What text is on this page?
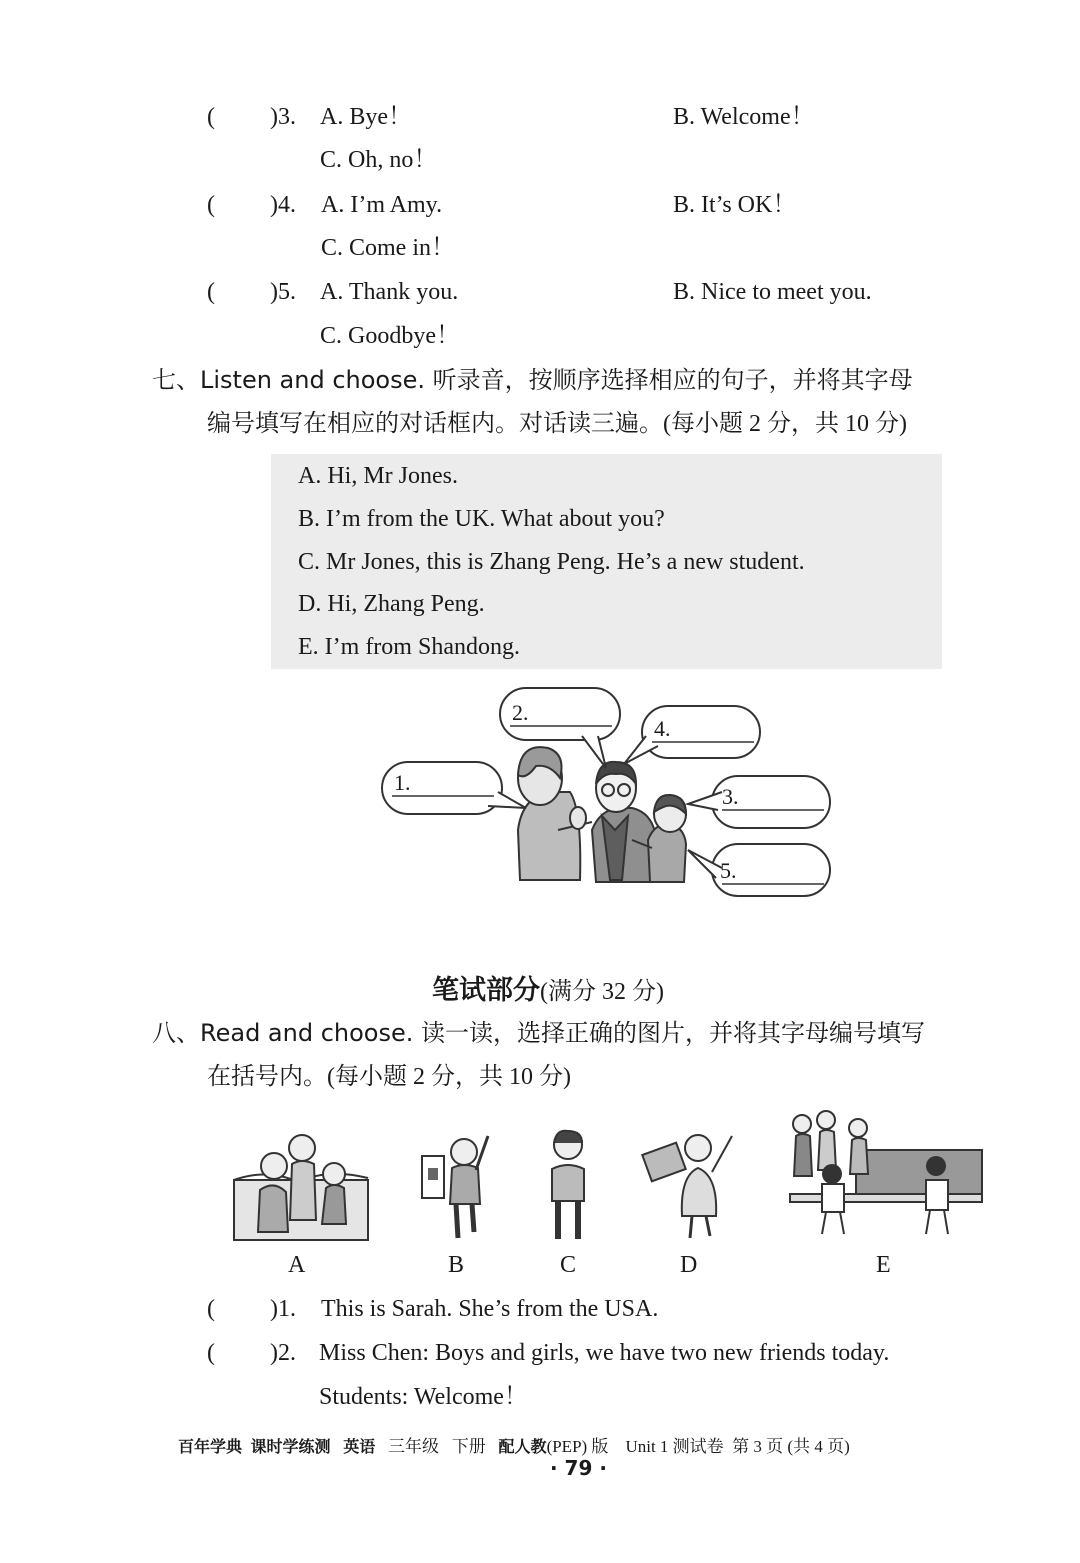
( )3. A. Bye！	B. Welcome！
C. Oh, no！
( )4. A. I’m Amy.	B. It’s OK！
C. Come in！
( )5. A. Thank you.	B. Nice to meet you.
C. Goodbye！
七、Listen and choose. 听录音，按顺序选择相应的句子，并将其字母
编号填写在相应的对话框内。对话读三遍。(每小题 2 分，共 10 分)
A. Hi, Mr Jones.
B. I’m from the UK. What about you?
C. Mr Jones, this is Zhang Peng. He’s a new student.
D. Hi, Zhang Peng.
E. I’m from Shandong.
1.
2.
3.
4.
5.
笔试部分(满分 32 分)
八、Read and choose. 读一读，选择正确的图片，并将其字母编号填写
在括号内。(每小题 2 分，共 10 分)
A	B	C	D	E
( )1. This is Sarah. She’s from the USA.
( )2. Miss Chen: Boys and girls, we have two new friends today.
Students: Welcome！
百年学典 课时学练测 英语 三年级 下册 配人教(PEP) 版 Unit 1 测试卷 第 3 页 (共 4 页)
· 79 ·
